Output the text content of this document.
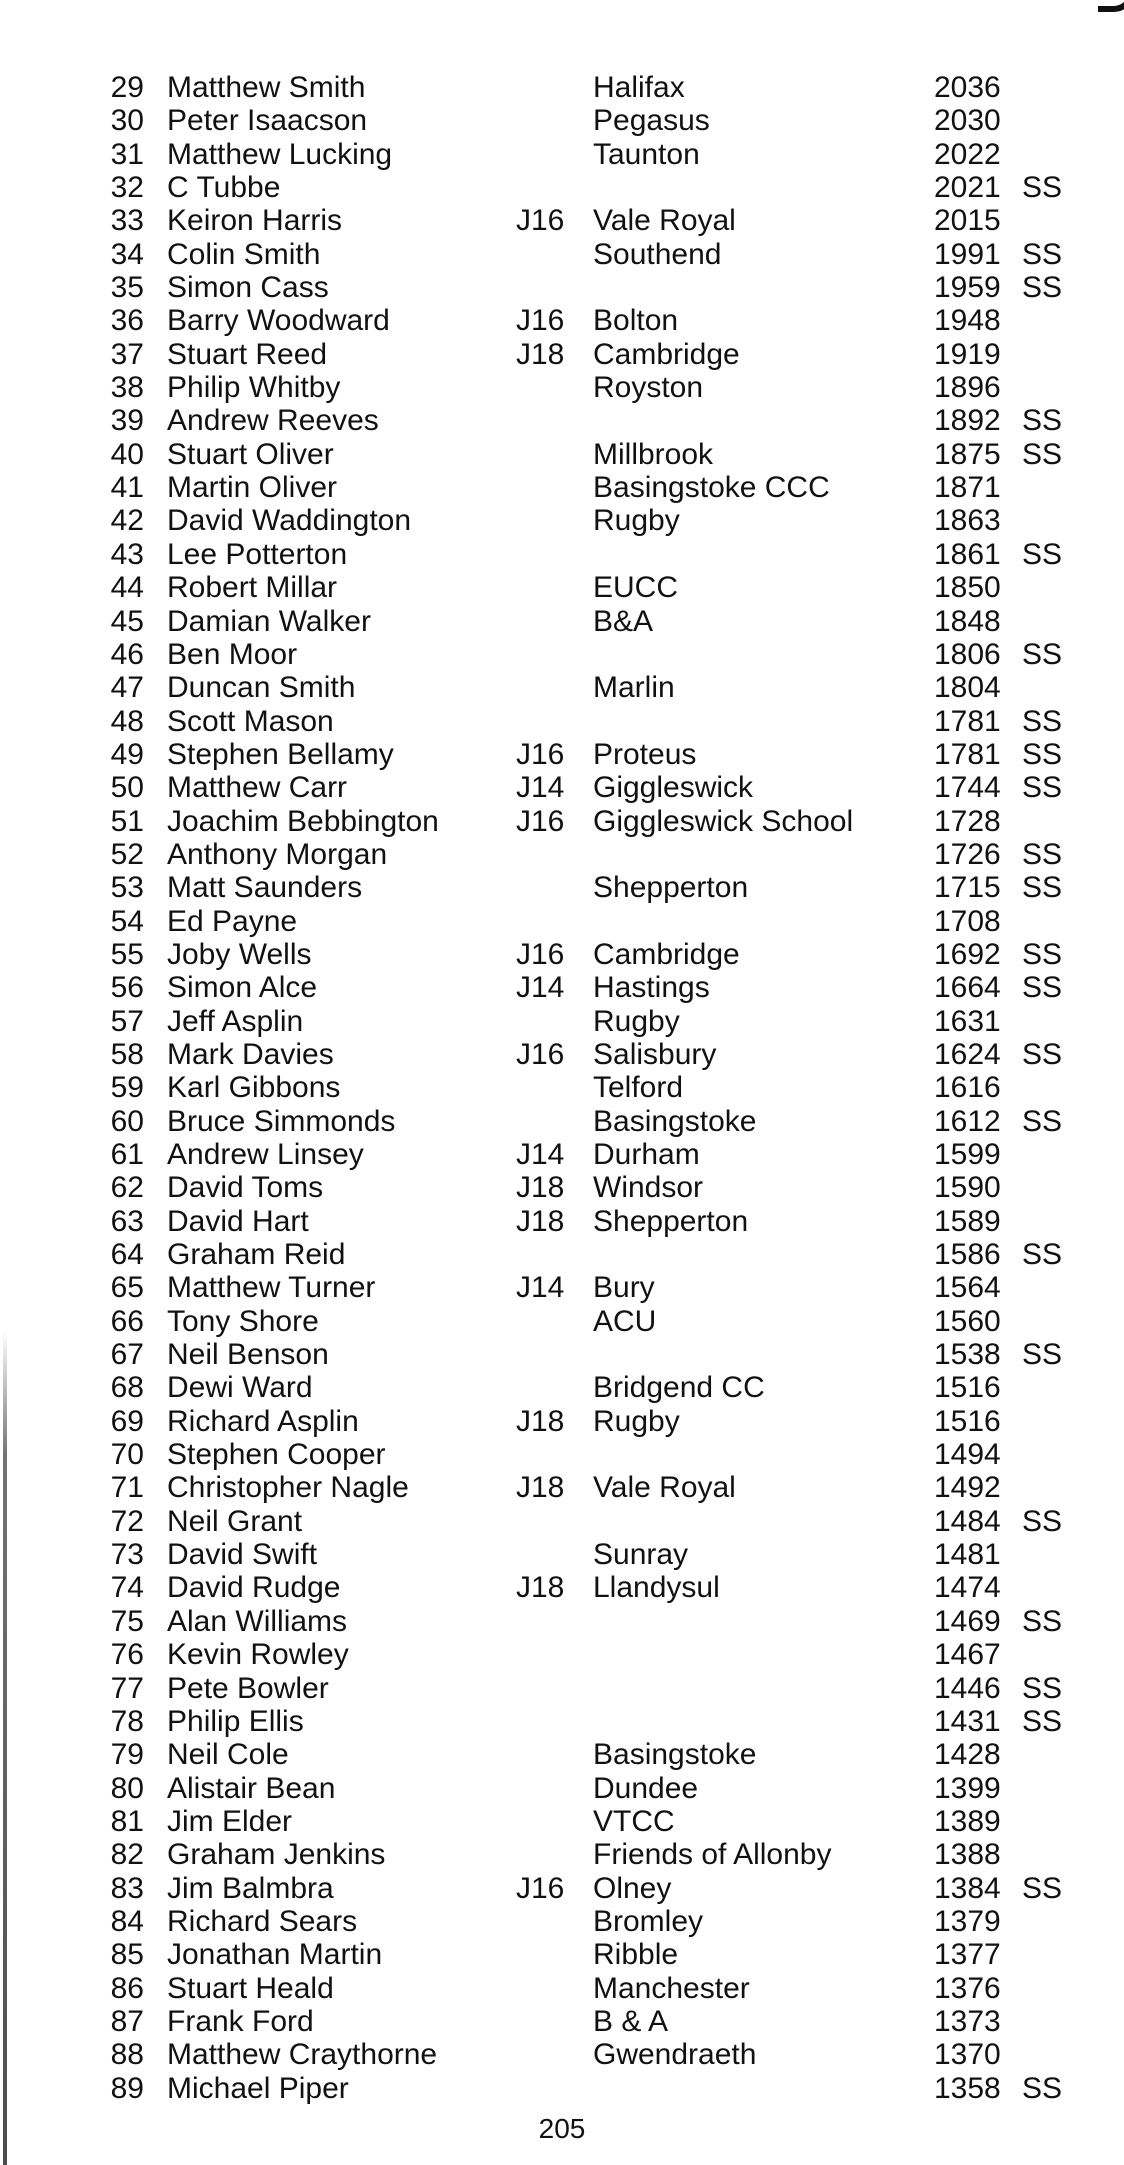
29 Matthew Smith	Halifax	2036
30 Peter Isaacson	Pegasus	2030
31 Matthew Lucking	Taunton	2022
32 C Tubbe	2021 SS
33 Keiron Harris	J16 Vale Royal	2015
34 Colin Smith	Southend	1991 SS
35 Simon Cass	1959 SS
36 Barry Woodward	J16 Bolton	1948
37 Stuart Reed	J18 Cambridge	1919
38 Philip Whitby	Royston	1896
39 Andrew Reeves	1892 SS
40 Stuart Oliver	Millbrook	1875 SS
41 Martin Oliver	Basingstoke CCC	1871
42 David Waddington	Rugby	1863
43 Lee Potterton	1861 SS
44 Robert Millar	EUCC	1850
45 Damian Walker	B&A	1848
46 Ben Moor	1806 SS
47 Duncan Smith	Marlin	1804
48 Scott Mason	1781 SS
49 Stephen Bellamy	J16 Proteus	1781 SS
50 Matthew Carr	J14 Giggleswick	1744 SS
51 Joachim Bebbington	J16 Giggleswick School	1728
52 Anthony Morgan	1726 SS
53 Matt Saunders	Shepperton	1715 SS
54 Ed Payne	1708
55 Joby Wells	J16 Cambridge	1692 SS
56 Simon Alce	J14 Hastings	1664 SS
57 Jeff Asplin	Rugby	1631
58 Mark Davies	J16 Salisbury	1624 SS
59 Karl Gibbons	Telford	1616
60 Bruce Simmonds	Basingstoke	1612 SS
61 Andrew Linsey	J14 Durham	1599
62 David Toms	J18 Windsor	1590
63 David Hart	J18 Shepperton	1589
64 Graham Reid	1586 SS
65 Matthew Turner	J14 Bury	1564
66 Tony Shore	ACU	1560
67 Neil Benson	1538 SS
68 Dewi Ward	Bridgend CC	1516
69 Richard Asplin	J18 Rugby	1516
70 Stephen Cooper	1494
71 Christopher Nagle	J18 Vale Royal	1492
72 Neil Grant	1484 SS
73 David Swift	Sunray	1481
74 David Rudge	J18 Llandysul	1474
75 Alan Williams	1469 SS
76 Kevin Rowley	1467
77 Pete Bowler	1446 SS
78 Philip Ellis	1431 SS
79 Neil Cole	Basingstoke	1428
80 Alistair Bean	Dundee	1399
81 Jim Elder	VTCC	1389
82 Graham Jenkins	Friends of Allonby	1388
83 Jim Balmbra	J16 Olney	1384 SS
84 Richard Sears	Bromley	1379
85 Jonathan Martin	Ribble	1377
86 Stuart Heald	Manchester	1376
87 Frank Ford	B & A	1373
88 Matthew Craythorne	Gwendraeth	1370
89 Michael Piper	1358 SS
205
